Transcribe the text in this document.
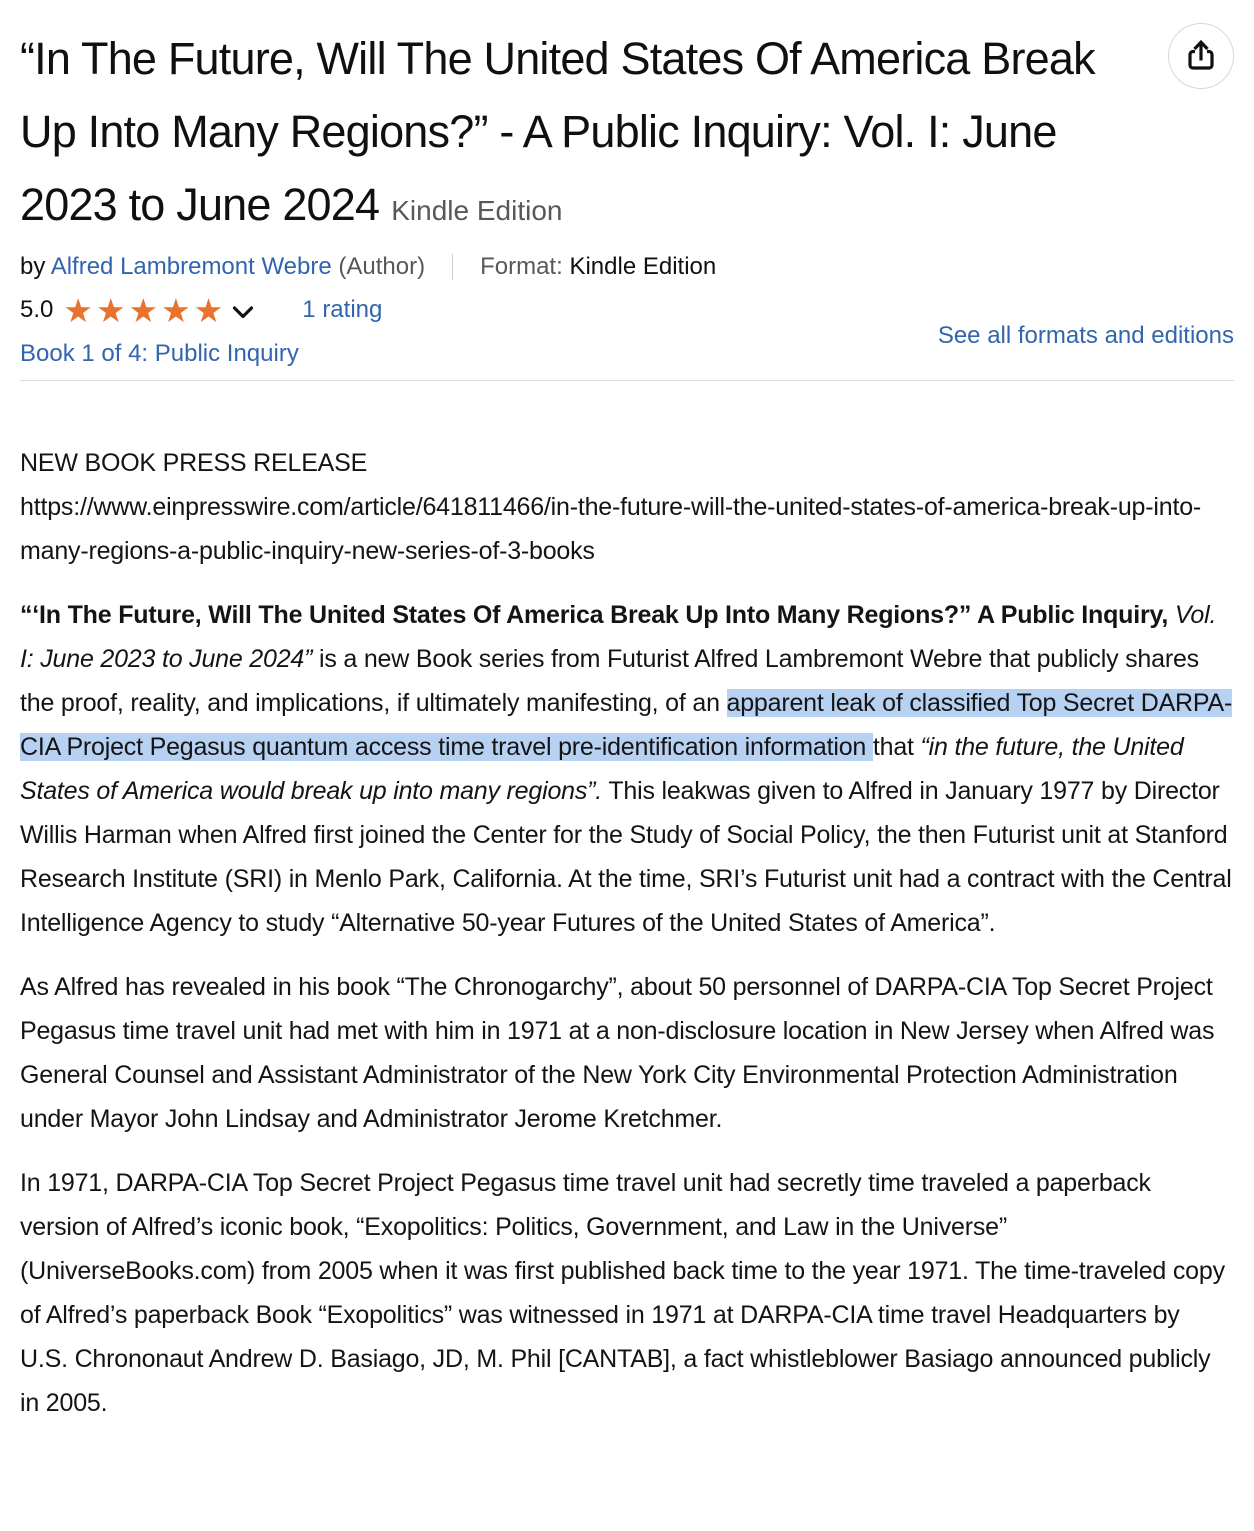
“In The Future, Will The United States Of America Break Up Into Many Regions?” - A Public Inquiry: Vol. I: June 2023 to June 2024 Kindle Edition
by Alfred Lambremont Webre (Author) Format: Kindle Edition
5.0 ★★★★★	1 rating
Book 1 of 4: Public Inquiry
See all formats and editions

NEW BOOK PRESS RELEASE
https://www.einpresswire.com/article/641811466/in-the-future-will-the-united-states-of-america-break-up-into-many-regions-a-public-inquiry-new-series-of-3-books

“‘In The Future, Will The United States Of America Break Up Into Many Regions?” A Public Inquiry, Vol. I: June 2023 to June 2024” is a new Book series from Futurist Alfred Lambremont Webre that publicly shares the proof, reality, and implications, if ultimately manifesting, of an apparent leak of classified Top Secret DARPA-CIA Project Pegasus quantum access time travel pre-identification information that “in the future, the United States of America would break up into many regions”. This leakwas given to Alfred in January 1977 by Director Willis Harman when Alfred first joined the Center for the Study of Social Policy, the then Futurist unit at Stanford Research Institute (SRI) in Menlo Park, California. At the time, SRI’s Futurist unit had a contract with the Central Intelligence Agency to study “Alternative 50-year Futures of the United States of America”.

As Alfred has revealed in his book “The Chronogarchy”, about 50 personnel of DARPA-CIA Top Secret Project Pegasus time travel unit had met with him in 1971 at a non-disclosure location in New Jersey when Alfred was General Counsel and Assistant Administrator of the New York City Environmental Protection Administration under Mayor John Lindsay and Administrator Jerome Kretchmer.

In 1971, DARPA-CIA Top Secret Project Pegasus time travel unit had secretly time traveled a paperback version of Alfred’s iconic book, “Exopolitics: Politics, Government, and Law in the Universe” (UniverseBooks.com) from 2005 when it was first published back time to the year 1971. The time-traveled copy of Alfred’s paperback Book “Exopolitics” was witnessed in 1971 at DARPA-CIA time travel Headquarters by U.S. Chrononaut Andrew D. Basiago, JD, M. Phil [CANTAB], a fact whistleblower Basiago announced publicly in 2005.
